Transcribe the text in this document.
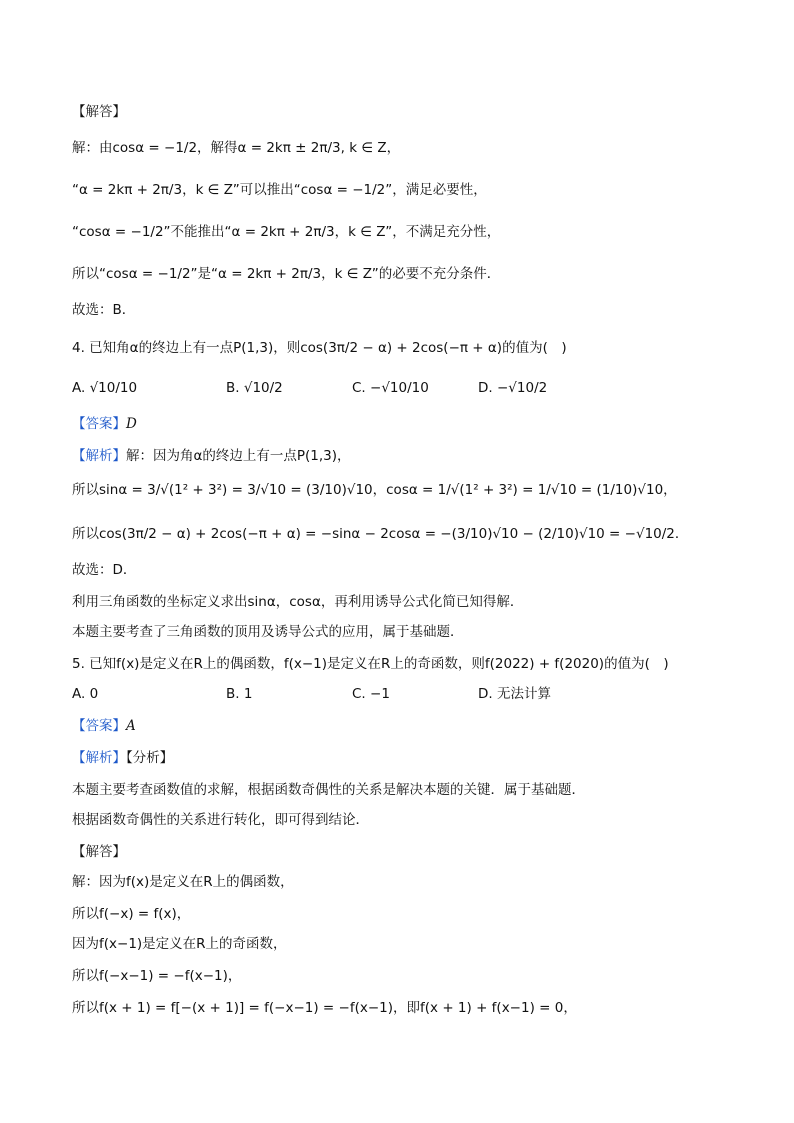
【解答】
解：由cosα = −1/2，解得α = 2kπ ± 2π/3, k ∈ Z，
“α = 2kπ + 2π/3，k ∈ Z”可以推出“cosα = −1/2”，满足必要性，
“cosα = −1/2”不能推出“α = 2kπ + 2π/3，k ∈ Z”，不满足充分性，
所以“cosα = −1/2”是“α = 2kπ + 2π/3，k ∈ Z”的必要不充分条件．
故选：B．
4. 已知角α的终边上有一点P(1,3)，则cos(3π/2 − α) + 2cos(−π + α)的值为(　)
A. √10/10	B. √10/2	C. −√10/10	D. −√10/2
【答案】D
【解析】解：因为角α的终边上有一点P(1,3)，
所以sinα = 3/√(1² + 3²) = 3/√10 = (3/10)√10，cosα = 1/√(1² + 3²) = 1/√10 = (1/10)√10，
所以cos(3π/2 − α) + 2cos(−π + α) = −sinα − 2cosα = −(3/10)√10 − (2/10)√10 = −√10/2．
故选：D．
利用三角函数的坐标定义求出sinα，cosα，再利用诱导公式化简已知得解．
本题主要考查了三角函数的顶用及诱导公式的应用，属于基础题．
5. 已知f(x)是定义在R上的偶函数，f(x−1)是定义在R上的奇函数，则f(2022) + f(2020)的值为(　)
A. 0	B. 1	C. −1	D. 无法计算
【答案】A
【解析】【分析】
本题主要考查函数值的求解，根据函数奇偶性的关系是解决本题的关键．属于基础题．
根据函数奇偶性的关系进行转化，即可得到结论．
【解答】
解：因为f(x)是定义在R上的偶函数，
所以f(−x) = f(x)，
因为f(x−1)是定义在R上的奇函数，
所以f(−x−1) = −f(x−1)，
所以f(x + 1) = f[−(x + 1)] = f(−x−1) = −f(x−1)，即f(x + 1) + f(x−1) = 0，
